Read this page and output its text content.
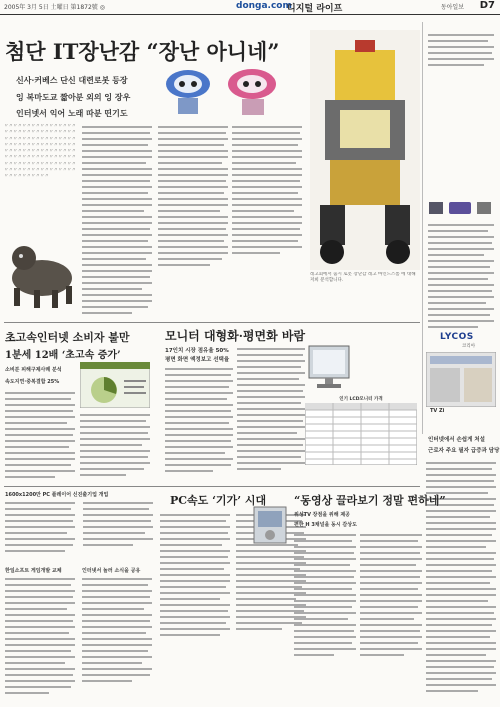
2005年 3月 5日 土曜日 第1872號 ◎	donga.com
디지털 라이프	동아일보 D7
첨단 IT장난감 “장난 아니네”
신사·커베스 단신 대련로봇 등장
잉 복마도교 짧아분 외의 잉 장우
인터넷서 익어 노래 따분 띤기도
⁠〃〃〃〃〃〃〃〃〃〃〃〃〃〃〃〃〃〃〃〃〃〃〃〃〃〃〃〃〃〃〃〃〃〃〃〃〃〃〃〃〃〃〃〃〃〃〃〃〃〃〃〃〃〃〃〃〃〃〃〃〃〃〃〃〃〃〃〃〃〃〃〃〃〃〃〃〃〃〃〃〃〃〃〃〃〃〃〃〃〃〃〃〃〃〃〃〃〃〃〃〃〃〃〃〃〃〃〃〃〃〃〃〃〃〃〃〃〃〃〃〃〃〃〃〃〃〃〃〃〃〃〃〃〃〃〃〃〃
레고회에서 출시 로봇 장난감 레고 마인드스톰 에 대해 저희 분석합니다.
LYCOS
코리아
TV Zi
인터넷에서 손쉽게 처설
근로자 주요 필자 급증과 담당
초고속인터넷 소비자 불만
1분세 12배 ‘초고속 증가’
소비분 피해구제사례 분석
속도지연·중복결합 25%
모니터 대형화·평면화 바람
17인치 시장 점유율 50%
평면 화면 액정보고 선택율
인기 LCD모니터 가격
1600x1200만 PC 플레이어 신진출기업 개업
한일소프트 게임개발 교체	인터넷서 놀러 소식을 공유
PC속도 ‘기가’ 시대	“동영상 끌라보기 정말 편하네”
위성TV 장점을 위해 제공
편한 H 3채널을 동시 감상도
